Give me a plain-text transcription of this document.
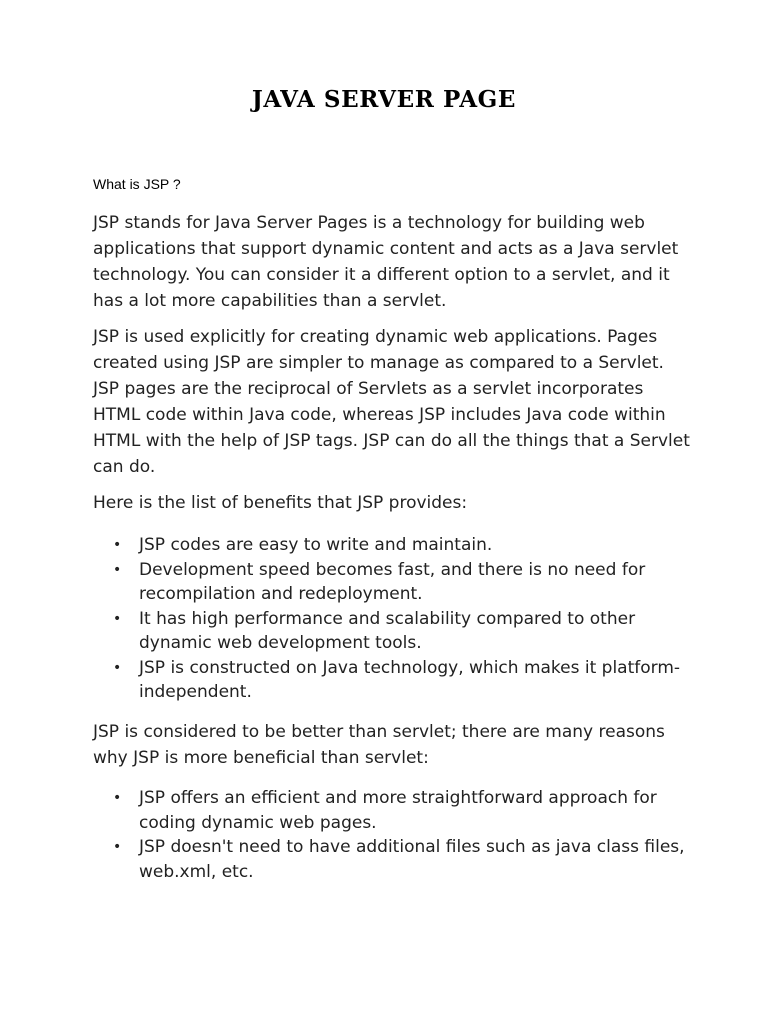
JAVA SERVER PAGE

What is JSP ?

JSP stands for Java Server Pages is a technology for building web applications that support dynamic content and acts as a Java servlet technology. You can consider it a different option to a servlet, and it has a lot more capabilities than a servlet.

JSP is used explicitly for creating dynamic web applications. Pages created using JSP are simpler to manage as compared to a Servlet. JSP pages are the reciprocal of Servlets as a servlet incorporates HTML code within Java code, whereas JSP includes Java code within HTML with the help of JSP tags. JSP can do all the things that a Servlet can do.

Here is the list of benefits that JSP provides:

• JSP codes are easy to write and maintain.
• Development speed becomes fast, and there is no need for recompilation and redeployment.
• It has high performance and scalability compared to other dynamic web development tools.
• JSP is constructed on Java technology, which makes it platform-independent.

JSP is considered to be better than servlet; there are many reasons why JSP is more beneficial than servlet:

• JSP offers an efficient and more straightforward approach for coding dynamic web pages.
• JSP doesn't need to have additional files such as java class files, web.xml, etc.
